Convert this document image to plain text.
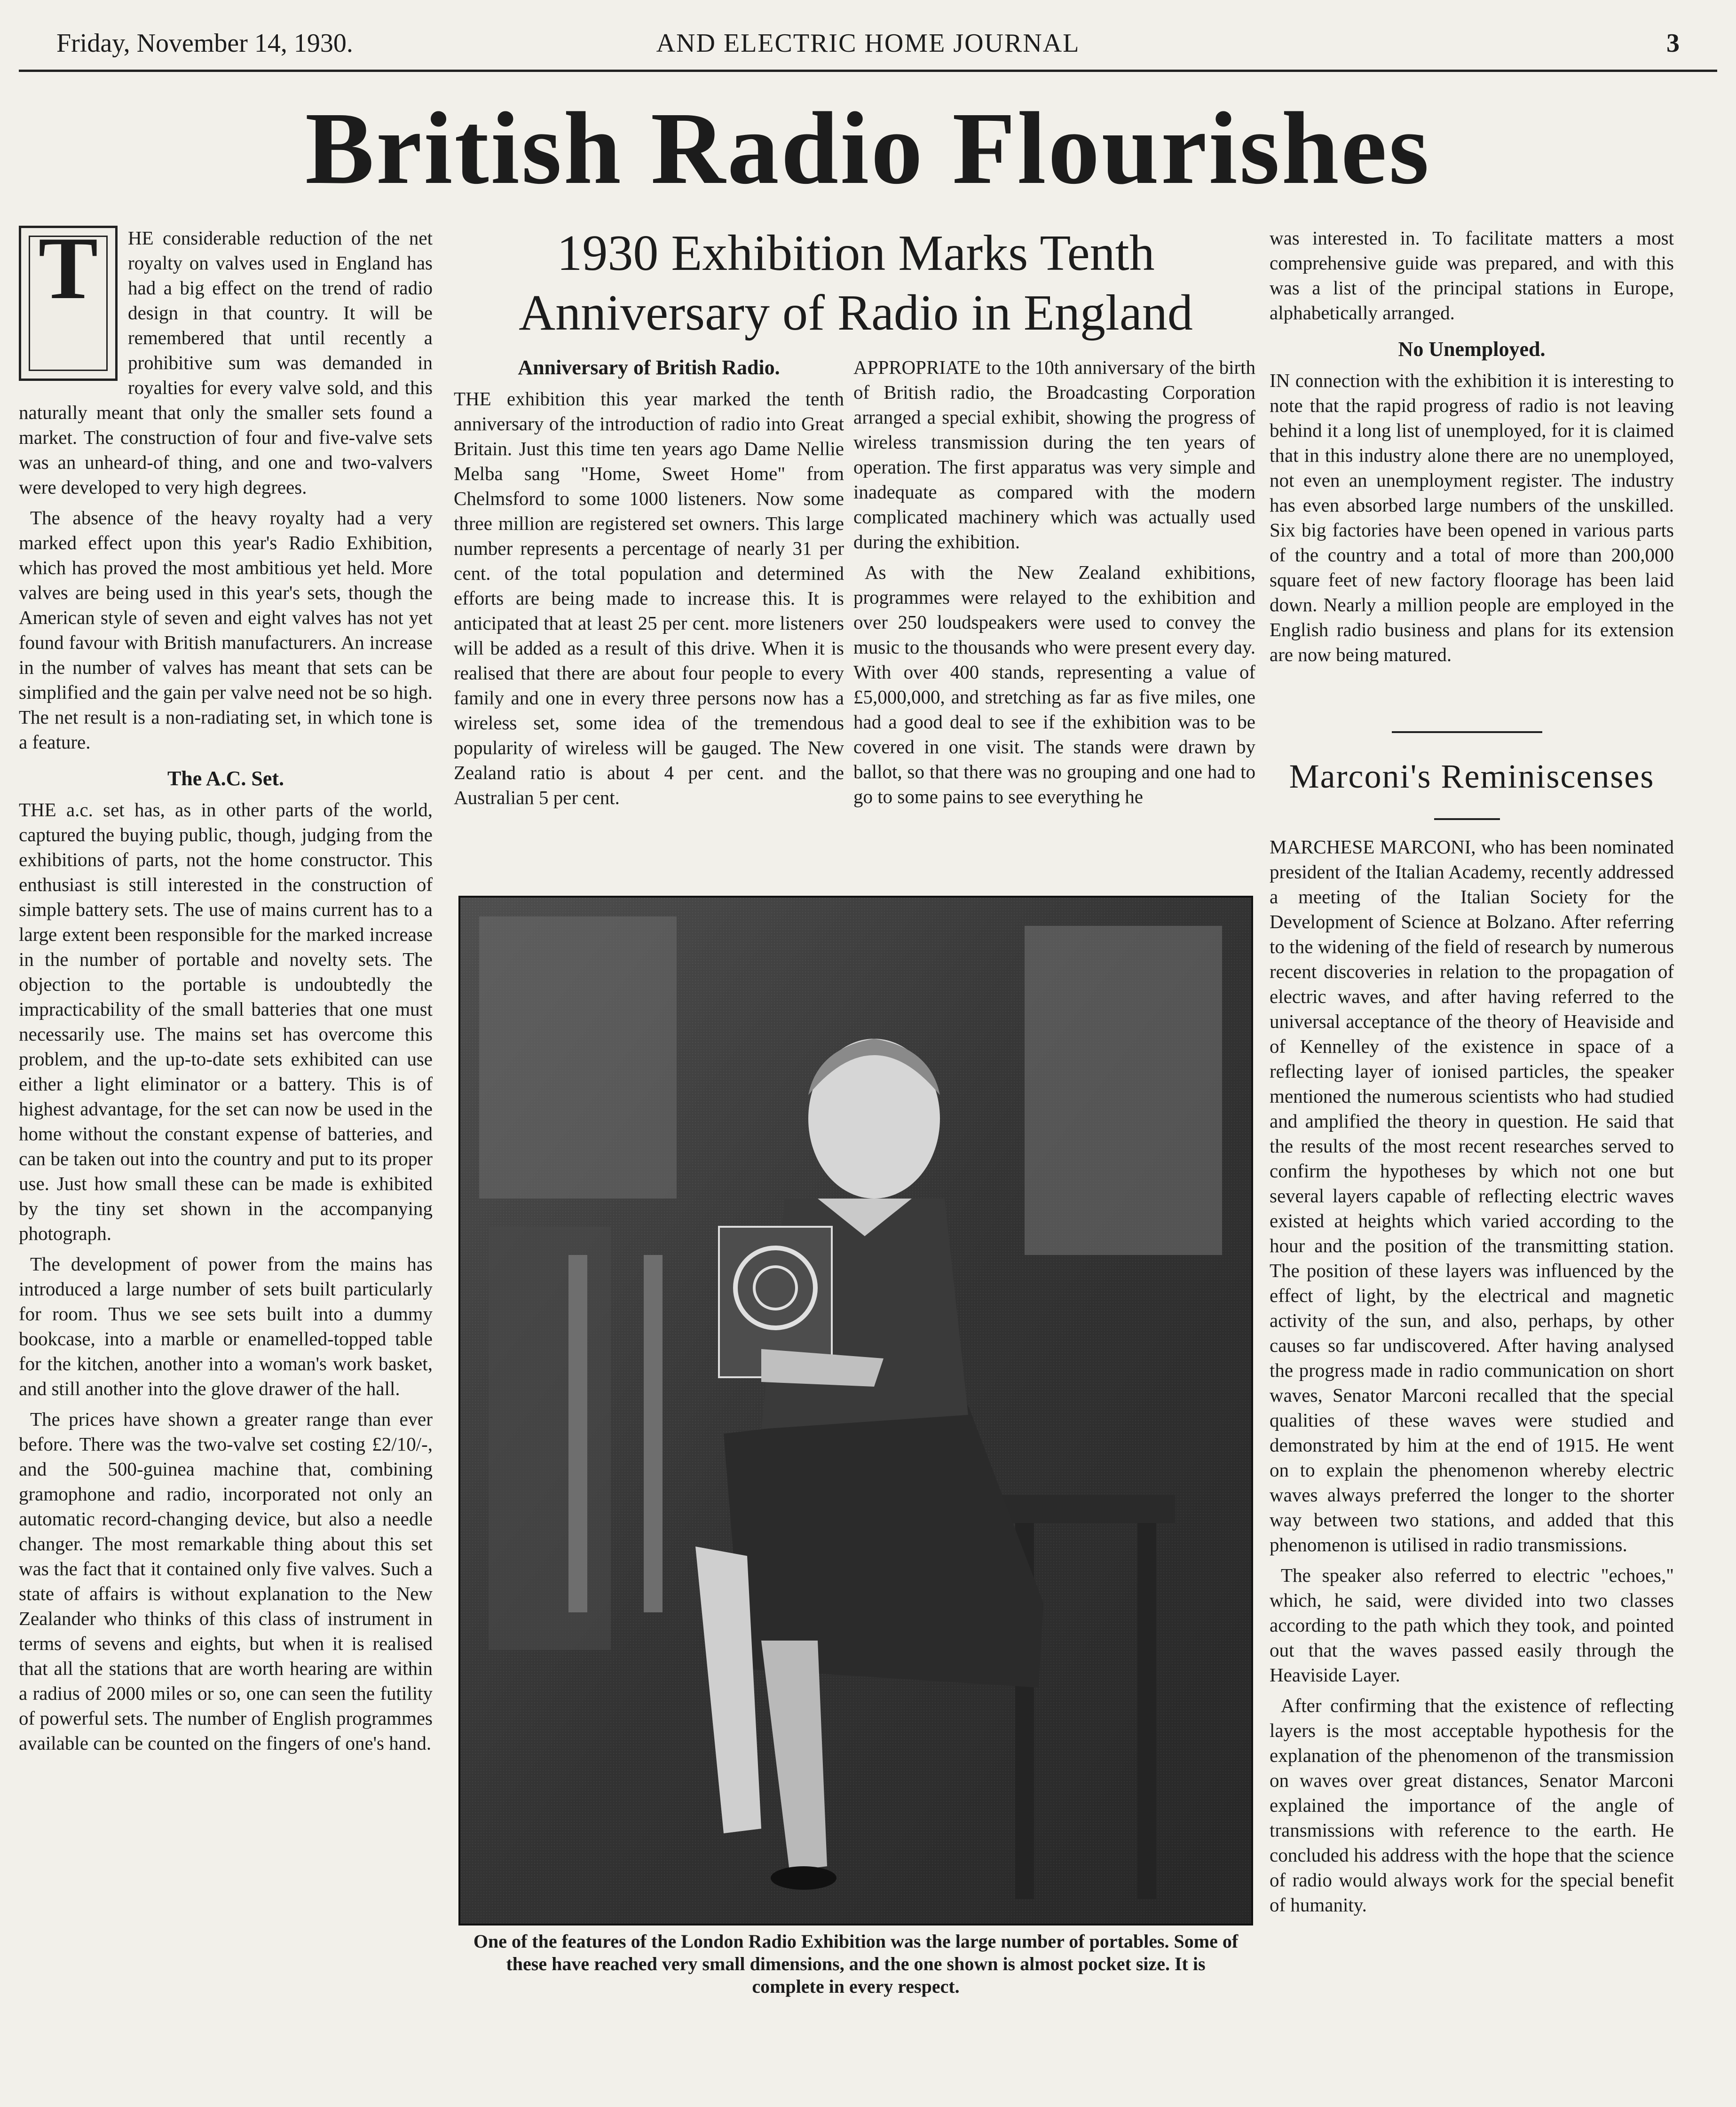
Friday, November 14, 1930.	AND ELECTRIC HOME JOURNAL	3
British Radio Flourishes
1930 Exhibition Marks Tenth Anniversary of Radio in England
T	HE considerable reduction of the net royalty on valves used in England has had a big effect on the trend of radio design in that country. It will be remembered that until recently a prohibitive sum was demanded in royalties for every valve sold, and this naturally meant that only the smaller sets found a market. The construction of four and five-valve sets was an unheard-of thing, and one and two-valvers were developed to very high degrees.

The absence of the heavy royalty had a very marked effect upon this year's Radio Exhibition, which has proved the most ambitious yet held. More valves are being used in this year's sets, though the American style of seven and eight valves has not yet found favour with British manufacturers. An increase in the number of valves has meant that sets can be simplified and the gain per valve need not be so high. The net result is a non-radiating set, in which tone is a feature.

The A.C. Set.

THE a.c. set has, as in other parts of the world, captured the buying public, though, judging from the exhibitions of parts, not the home constructor. This enthusiast is still interested in the construction of simple battery sets. The use of mains current has to a large extent been responsible for the marked increase in the number of portable and novelty sets. The objection to the portable is undoubtedly the impracticability of the small batteries that one must necessarily use. The mains set has overcome this problem, and the up-to-date sets exhibited can use either a light eliminator or a battery. This is of highest advantage, for the set can now be used in the home without the constant expense of batteries, and can be taken out into the country and put to its proper use. Just how small these can be made is exhibited by the tiny set shown in the accompanying photograph.

The development of power from the mains has introduced a large number of sets built particularly for room. Thus we see sets built into a dummy bookcase, into a marble or enamelled-topped table for the kitchen, another into a woman's work basket, and still another into the glove drawer of the hall.

The prices have shown a greater range than ever before. There was the two-valve set costing £2/10/-, and the 500-guinea machine that, combining gramophone and radio, incorporated not only an automatic record-changing device, but also a needle changer. The most remarkable thing about this set was the fact that it contained only five valves. Such a state of affairs is without explanation to the New Zealander who thinks of this class of instrument in terms of sevens and eights, but when it is realised that all the stations that are worth hearing are within a radius of 2000 miles or so, one can seen the futility of powerful sets. The number of English programmes available can be counted on the fingers of one's hand.

Anniversary of British Radio.

THE exhibition this year marked the tenth anniversary of the introduction of radio into Great Britain. Just this time ten years ago Dame Nellie Melba sang "Home, Sweet Home" from Chelmsford to some 1000 listeners. Now some three million are registered set owners. This large number represents a percentage of nearly 31 per cent. of the total population and determined efforts are being made to increase this. It is anticipated that at least 25 per cent. more listeners will be added as a result of this drive. When it is realised that there are about four people to every family and one in every three persons now has a wireless set, some idea of the tremendous popularity of wireless will be gauged. The New Zealand ratio is about 4 per cent. and the Australian 5 per cent.

APPROPRIATE to the 10th anniversary of the birth of British radio, the Broadcasting Corporation arranged a special exhibit, showing the progress of wireless transmission during the ten years of operation. The first apparatus was very simple and inadequate as compared with the modern complicated machinery which was actually used during the exhibition.

As with the New Zealand exhibitions, programmes were relayed to the exhibition and over 250 loudspeakers were used to convey the music to the thousands who were present every day. With over 400 stands, representing a value of £5,000,000, and stretching as far as five miles, one had a good deal to see if the exhibition was to be covered in one visit. The stands were drawn by ballot, so that there was no grouping and one had to go to some pains to see everything he

was interested in. To facilitate matters a most comprehensive guide was prepared, and with this was a list of the principal stations in Europe, alphabetically arranged.

No Unemployed.

IN connection with the exhibition it is interesting to note that the rapid progress of radio is not leaving behind it a long list of unemployed, for it is claimed that in this industry alone there are no unemployed, not even an unemployment register. The industry has even absorbed large numbers of the unskilled. Six big factories have been opened in various parts of the country and a total of more than 200,000 square feet of new factory floorage has been laid down. Nearly a million people are employed in the English radio business and plans for its extension are now being matured.

Marconi's Reminiscenses

MARCHESE MARCONI, who has been nominated president of the Italian Academy, recently addressed a meeting of the Italian Society for the Development of Science at Bolzano. After referring to the widening of the field of research by numerous recent discoveries in relation to the propagation of electric waves, and after having referred to the universal acceptance of the theory of Heaviside and of Kennelley of the existence in space of a reflecting layer of ionised particles, the speaker mentioned the numerous scientists who had studied and amplified the theory in question. He said that the results of the most recent researches served to confirm the hypotheses by which not one but several layers capable of reflecting electric waves existed at heights which varied according to the hour and the position of the transmitting station. The position of these layers was influenced by the effect of light, by the electrical and magnetic activity of the sun, and also, perhaps, by other causes so far undiscovered. After having analysed the progress made in radio communication on short waves, Senator Marconi recalled that the special qualities of these waves were studied and demonstrated by him at the end of 1915. He went on to explain the phenomenon whereby electric waves always preferred the longer to the shorter way between two stations, and added that this phenomenon is utilised in radio transmissions.

The speaker also referred to electric "echoes," which, he said, were divided into two classes according to the path which they took, and pointed out that the waves passed easily through the Heaviside Layer.

After confirming that the existence of reflecting layers is the most acceptable hypothesis for the explanation of the phenomenon of the transmission on waves over great distances, Senator Marconi explained the importance of the angle of transmissions with reference to the earth. He concluded his address with the hope that the science of radio would always work for the special benefit of humanity.

One of the features of the London Radio Exhibition was the large number of portables. Some of these have reached very small dimensions, and the one shown is almost pocket size. It is complete in every respect.
